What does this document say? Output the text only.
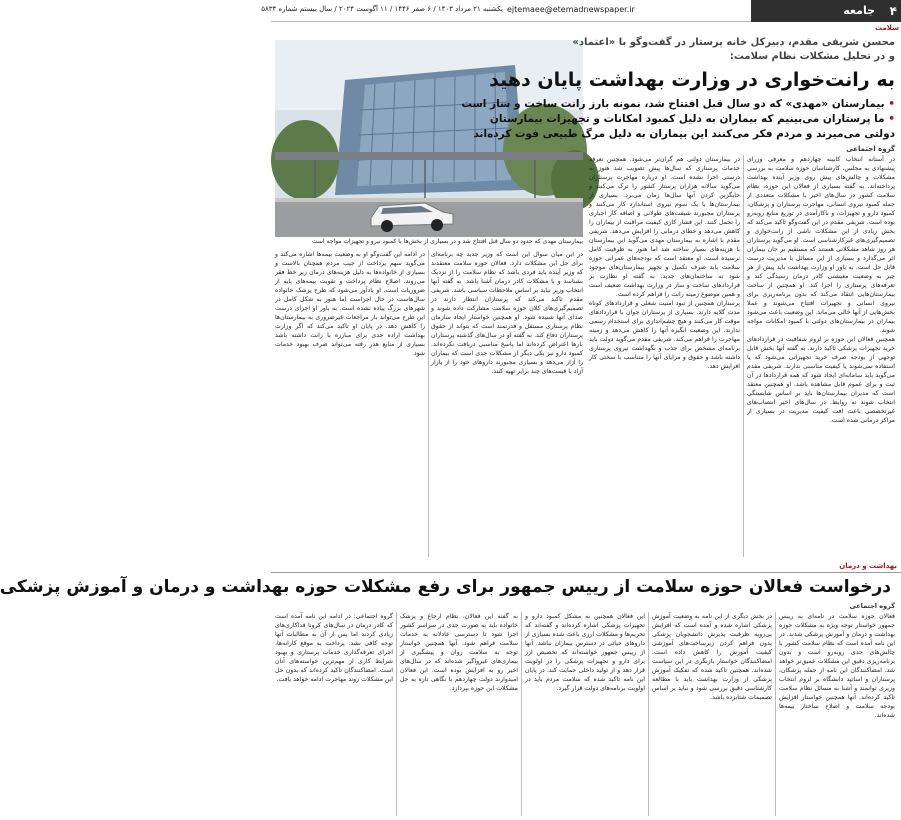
۴
جامعه
ejtemaee@etemadnewspaper.ir
یکشنبه ۲۱ مرداد ۱۴۰۳ / ۶ صفر ۱۴۴۶ / ۱۱ آگوست ۲۰۲۴ / سال بیستم شماره ۵۸۳۴
سلامت
بیمارستان مهدی که حدود دو سال قبل افتتاح شد و در بسیاری از بخش‌ها با کمبود نیرو و تجهیزات مواجه است
محسن شریفی مقدم، دبیرکل خانه پرستار در گفت‌وگو با «اعتماد»
و در تحلیل مشکلات نظام سلامت:
به رانت‌خواری در وزارت بهداشت پایان دهید
• بیمارستان «مهدی» که دو سال قبل افتتاح شد، نمونه بارز رانت ساخت و ساز است
• ما پرستاران می‌بینیم که بیماران به دلیل کمبود امکانات و تجهیزات بیمارستان
دولتی می‌میرند و مردم فکر می‌کنند این بیماران به دلیل مرگ طبیعی فوت کرده‌اند
گروه اجتماعی

در آستانه انتخاب کابینه چهاردهم و معرفی وزرای پیشنهادی به مجلس، کارشناسان حوزه سلامت به بررسی مشکلات و چالش‌های پیش روی وزیر آینده بهداشت پرداخته‌اند. به گفته بسیاری از فعالان این حوزه، نظام سلامت کشور در سال‌های اخیر با مشکلات متعددی از جمله کمبود نیروی انسانی، مهاجرت پرستاران و پزشکان، کمبود دارو و تجهیزات، و ناکارآمدی در توزیع منابع روبه‌رو بوده است. شریفی مقدم در این گفت‌وگو تاکید می‌کند که بخش زیادی از این مشکلات ناشی از رانت‌خواری و تصمیم‌گیری‌های غیرکارشناسی است. او می‌گوید پرستاران هر روز شاهد مشکلاتی هستند که مستقیم بر جان بیماران اثر می‌گذارد و بسیاری از این مسائل با مدیریت درست قابل حل است. به باور او وزارت بهداشت باید پیش از هر چیز به وضعیت معیشتی کادر درمان رسیدگی کند و تعرفه‌های پرستاری را اجرا کند. او همچنین از ساخت بیمارستان‌هایی انتقاد می‌کند که بدون برنامه‌ریزی برای نیروی انسانی و تجهیزات افتتاح می‌شوند و عملا بخش‌هایی از آنها خالی می‌ماند. این وضعیت باعث می‌شود بیماران در بیمارستان‌های دولتی با کمبود امکانات مواجه شوند.

همچنین فعالان این حوزه بر لزوم شفافیت در قراردادهای خرید تجهیزات پزشکی تاکید دارند. به گفته آنها بخش قابل توجهی از بودجه صرف خرید تجهیزاتی می‌شود که یا استفاده نمی‌شوند یا کیفیت مناسبی ندارند. شریفی مقدم می‌گوید باید سامانه‌ای ایجاد شود که همه قراردادها در آن ثبت و برای عموم قابل مشاهده باشد. او همچنین معتقد است که مدیران بیمارستان‌ها باید بر اساس شایستگی انتخاب شوند نه روابط. در سال‌های اخیر انتصاب‌های غیرتخصصی باعث افت کیفیت مدیریت در بسیاری از مراکز درمانی شده است.

در بیمارستان دولتی هم گران‌تر می‌شود. همچنین تعرفه خدمات پرستاری که سال‌ها پیش تصویب شد هنوز به درستی اجرا نشده است. او درباره مهاجرت پرستاران می‌گوید سالانه هزاران پرستار کشور را ترک می‌کنند و جایگزین کردن آنها سال‌ها زمان می‌برد. بسیاری از بیمارستان‌ها با یک سوم نیروی استاندارد کار می‌کنند و پرستاران مجبورند شیفت‌های طولانی و اضافه کار اجباری را تحمل کنند. این فشار کاری کیفیت مراقبت از بیماران را کاهش می‌دهد و خطای درمانی را افزایش می‌دهد. شریفی مقدم با اشاره به بیمارستان مهدی می‌گوید این بیمارستان با هزینه‌های بسیار ساخته شد اما هنوز به ظرفیت کامل نرسیده است. او معتقد است که بودجه‌های عمرانی حوزه سلامت باید صرف تکمیل و تجهیز بیمارستان‌های موجود شود نه ساختمان‌های جدید. به گفته او نظارت بر قراردادهای ساخت و ساز در وزارت بهداشت ضعیف است و همین موضوع زمینه رانت را فراهم کرده است.

پرستاران همچنین از نبود امنیت شغلی و قراردادهای کوتاه مدت گلایه دارند. بسیاری از پرستاران جوان با قراردادهای موقت کار می‌کنند و هیچ چشم‌اندازی برای استخدام رسمی ندارند. این وضعیت انگیزه آنها را کاهش می‌دهد و زمینه مهاجرت را فراهم می‌کند. شریفی مقدم می‌گوید دولت باید برنامه‌ای مشخص برای جذب و نگهداشت نیروی پرستاری داشته باشد و حقوق و مزایای آنها را متناسب با سختی کار افزایش دهد.

در این میان سوال این است که وزیر جدید چه برنامه‌ای برای حل این مشکلات دارد. فعالان حوزه سلامت معتقدند که وزیر آینده باید فردی باشد که نظام سلامت را از نزدیک بشناسد و با مشکلات کادر درمان آشنا باشد. به گفته آنها انتخاب وزیر نباید بر اساس ملاحظات سیاسی باشد. شریفی مقدم تاکید می‌کند که پرستاران انتظار دارند در تصمیم‌گیری‌های کلان حوزه سلامت مشارکت داده شوند و صدای آنها شنیده شود. او همچنین خواستار ایجاد سازمان نظام پرستاری مستقل و قدرتمند است که بتواند از حقوق پرستاران دفاع کند. به گفته او در سال‌های گذشته پرستاران بارها اعتراض کرده‌اند اما پاسخ مناسبی دریافت نکرده‌اند. کمبود دارو نیز یکی دیگر از مشکلات جدی است که بیماران را آزار می‌دهد و بسیاری مجبورند داروهای خود را از بازار آزاد با قیمت‌های چند برابر تهیه کنند.

در ادامه این گفت‌وگو او به وضعیت بیمه‌ها اشاره می‌کند و می‌گوید سهم پرداخت از جیب مردم همچنان بالاست و بسیاری از خانواده‌ها به دلیل هزینه‌های درمان زیر خط فقر می‌روند. اصلاح نظام پرداخت و تقویت بیمه‌های پایه از ضروریات است. او یادآور می‌شود که طرح پزشک خانواده سال‌هاست در حال اجراست اما هنوز به شکل کامل در شهرهای بزرگ پیاده نشده است. به باور او اجرای درست این طرح می‌تواند بار مراجعات غیرضروری به بیمارستان‌ها را کاهش دهد. در پایان او تاکید می‌کند که اگر وزارت بهداشت اراده جدی برای مبارزه با رانت داشته باشد بسیاری از منابع هدر رفته می‌تواند صرف بهبود خدمات شود.

بهداشت و درمان
درخواست فعالان حوزه سلامت از رییس جمهور برای رفع مشکلات حوزه بهداشت و درمان و آموزش پزشکی
گروه اجتماعی

فعالان حوزه سلامت در نامه‌ای به رییس جمهور خواستار توجه ویژه به مشکلات حوزه بهداشت و درمان و آموزش پزشکی شدند. در این نامه آمده است که نظام سلامت کشور با چالش‌های جدی روبه‌رو است و بدون برنامه‌ریزی دقیق این مشکلات عمیق‌تر خواهد شد. امضاکنندگان این نامه از جمله پزشکان، پرستاران و اساتید دانشگاه بر لزوم انتخاب وزیری توانمند و آشنا به مسائل نظام سلامت تاکید کرده‌اند. آنها همچنین خواستار افزایش بودجه سلامت و اصلاح ساختار بیمه‌ها شده‌اند.

در بخش دیگری از این نامه به وضعیت آموزش پزشکی اشاره شده و آمده است که افزایش بی‌رویه ظرفیت پذیرش دانشجویان پزشکی بدون فراهم کردن زیرساخت‌های آموزشی کیفیت آموزش را کاهش داده است. امضاکنندگان خواستار بازنگری در این سیاست شده‌اند. همچنین تاکید شده که تفکیک آموزش پزشکی از وزارت بهداشت باید با مطالعه کارشناسی دقیق بررسی شود و نباید بر اساس تصمیمات شتابزده باشد.

این فعالان همچنین به مشکل کمبود دارو و تجهیزات پزشکی اشاره کرده‌اند و گفته‌اند که تحریم‌ها و مشکلات ارزی باعث شده بسیاری از داروهای حیاتی در دسترس بیماران نباشد. آنها از رییس جمهور خواسته‌اند که تخصیص ارز برای دارو و تجهیزات پزشکی را در اولویت قرار دهد و از تولید داخلی حمایت کند. در پایان این نامه تاکید شده که سلامت مردم باید در اولویت برنامه‌های دولت قرار گیرد.

به گفته این فعالان، نظام ارجاع و پزشک خانواده باید به صورت جدی در سراسر کشور اجرا شود تا دسترسی عادلانه به خدمات سلامت فراهم شود. آنها همچنین خواستار توجه به سلامت روان و پیشگیری از بیماری‌های غیرواگیر شده‌اند که در سال‌های اخیر رو به افزایش بوده است. این فعالان امیدوارند دولت چهاردهم با نگاهی تازه به حل مشکلات این حوزه بپردازد.

گروه اجتماعی: در ادامه این نامه آمده است که کادر درمان در سال‌های کرونا فداکاری‌های زیادی کردند اما پس از آن به مطالبات آنها توجه کافی نشد. پرداخت به موقع کارانه‌ها، اجرای تعرفه‌گذاری خدمات پرستاری و بهبود شرایط کاری از مهم‌ترین خواسته‌های آنان است. امضاکنندگان تاکید کرده‌اند که بدون حل این مشکلات روند مهاجرت ادامه خواهد یافت.
